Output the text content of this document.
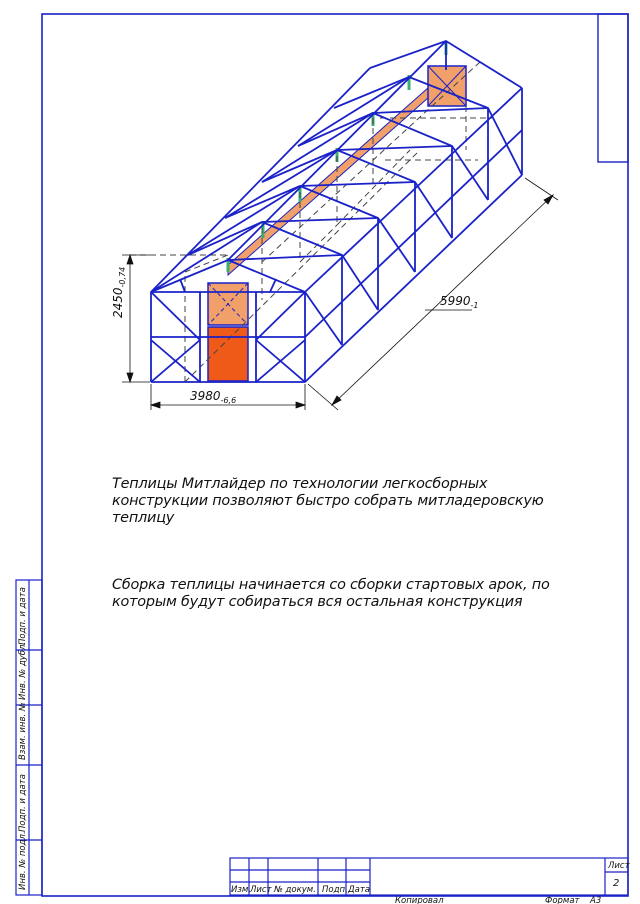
Инв. № подл.
Подп. и дата
Взам. инв. №
Инв. № дубл.
Подп. и дата
Изм. Лист № докум. Подп. Дата
Лист
2
Копировал	Формат А3
$2450_{-0,74}$
$3980_{-6,6}$
$5990_{-1}$
Теплицы Митлайдер по технологии легкосборных
конструкции позволяют быстро собрать митладеровскую
теплицу
Сборка теплицы начинается со сборки стартовых арок, по
которым будут собираться вся остальная конструкция
